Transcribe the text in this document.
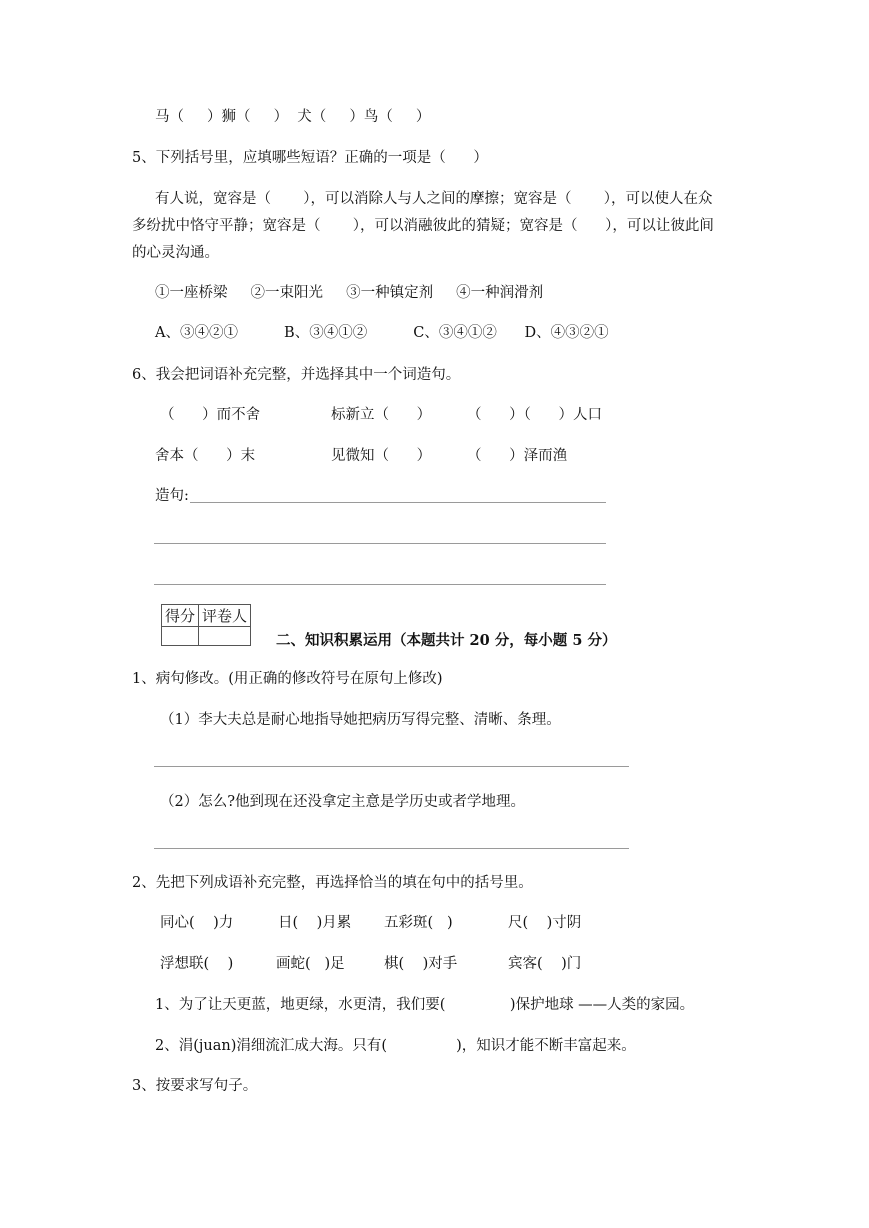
马（     ）狮（     ）  犬（     ）鸟（     ）
5、下列括号里，应填哪些短语？正确的一项是（      ）
有人说，宽容是（       ），可以消除人与人之间的摩擦；宽容是（       ），可以使人在众
多纷扰中恪守平静；宽容是（       ），可以消融彼此的猜疑；宽容是（      ），可以让彼此间
的心灵沟通。
①一座桥梁     ②一束阳光     ③一种镇定剂     ④一种润滑剂
A、③④②①          B、③④①②          C、③④①②      D、④③②①
6、我会把词语补充完整，并选择其中一个词造句。
（      ）而不舍	标新立（      ） （      ）（      ）人口
舍本（      ）末	见微知（      ） （      ）泽而渔
造句:
得分	评卷人

二、知识积累运用（本题共计 20 分，每小题 5 分）
1、病句修改。(用正确的修改符号在原句上修改)
（1）李大夫总是耐心地指导她把病历写得完整、清晰、条理。
（2）怎么?他到现在还没拿定主意是学历史或者学地理。
2、先把下列成语补充完整，再选择恰当的填在句中的括号里。
同心(    )力	日(    )月累 五彩斑(   )	尺(    )寸阴
浮想联(    )	画蛇(   )足	棋(    )对手	宾客(    )门
1、为了让天更蓝，地更绿，水更清，我们要(              )保护地球 ——人类的家园。
2、涓(juan)涓细流汇成大海。只有(               )，知识才能不断丰富起来。
3、按要求写句子。
